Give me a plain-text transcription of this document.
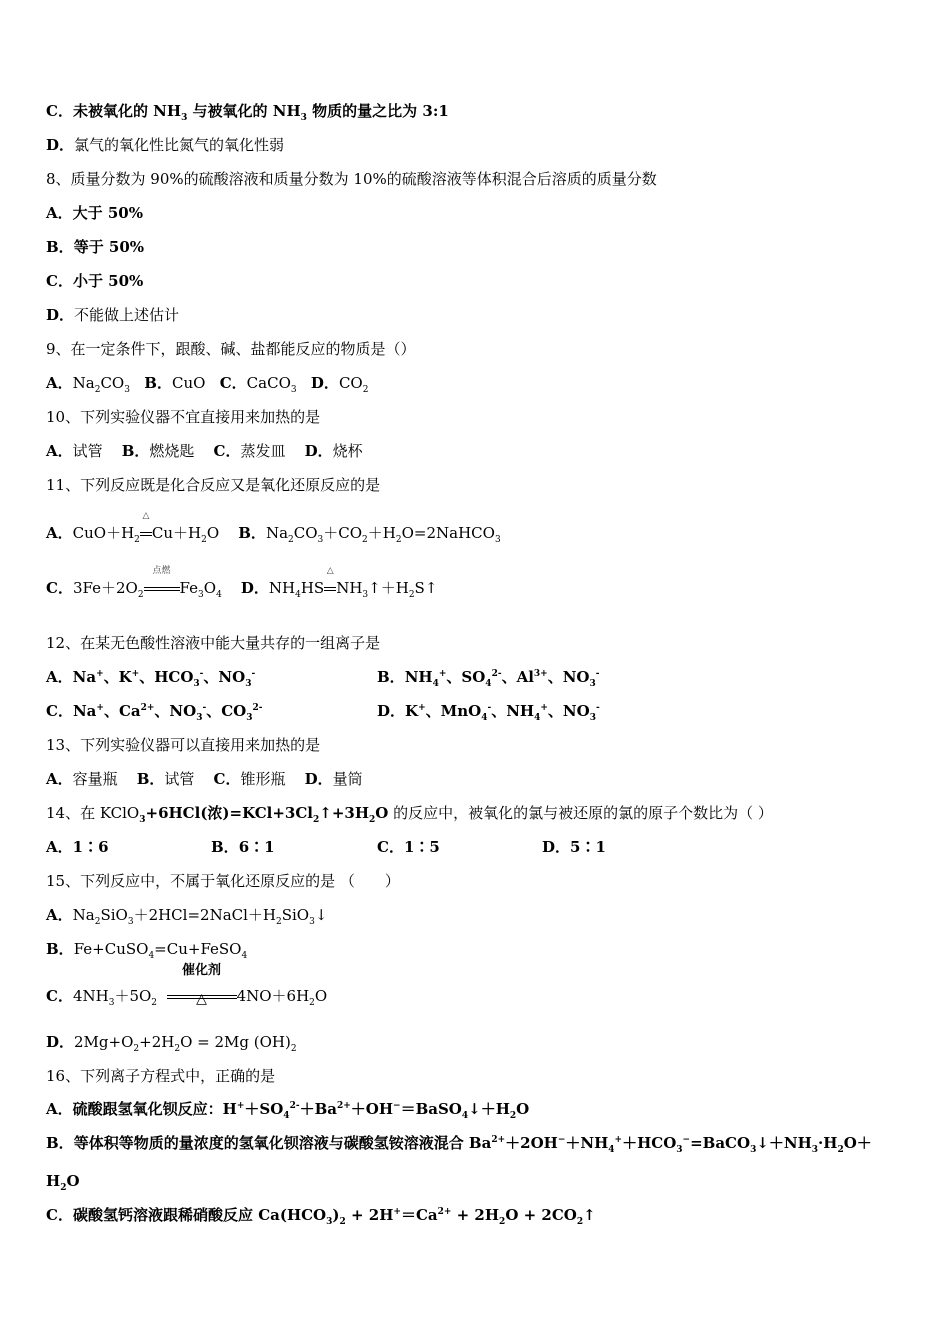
C．未被氧化的 $NH_3$ 与被氧化的 $NH_3$ 物质的量之比为 3:1
D．氯气的氧化性比氮气的氧化性弱
8、质量分数为 90%的硫酸溶液和质量分数为 10%的硫酸溶液等体积混合后溶质的质量分数
A．大于 50%
B．等于 50%
C．小于 50%
D．不能做上述估计
9、在一定条件下，跟酸、碱、盐都能反应的物质是（）
A．$Na_2CO_3$ B．CuO   C．CaCO$_3$ D．$CO_2$
10、下列实验仪器不宜直接用来加热的是
A．试管 B．燃烧匙 C．蒸发皿 D．烧杯
11、下列反应既是化合反应又是氧化还原反应的是
A．$CuO+H_2$
△
$Cu+H_2O$    B．$Na_2CO_3+CO_2+H_2O=2NaHCO_3$
C．$3Fe+2O_2$
点燃
$Fe_3O_4$ D．$NH_4HS$
△
$NH_3↑+H_2S↑$
12、在某无色酸性溶液中能大量共存的一组离子是
A．Na+、K+、$HCO_3^-$、$NO_3^-$	B．$NH_4^+$、$SO_4^{2-}$、$Al^{3+}$、$NO_3^-$
C．Na+、$Ca^{2+}$、$NO_3^-$、$CO_3^{2-}$	D．K+、MnO$_4$-、$NH_4^+$、$NO_3^-$
13、下列实验仪器可以直接用来加热的是
A．容量瓶 B．试管 C．锥形瓶 D．量筒
14、在 KClO$_3$+6HCl(浓)$=KCl+3Cl_2↑+3H_2O$ 的反应中，被氧化的氯与被还原的氯的原子个数比为（ ）
A．1∶6	B．6∶1	C．1∶5	D．5∶1
15、下列反应中，不属于氧化还原反应的是 （　　）
A．$Na_2SiO_3+2HCl=2NaCl+H_2SiO_3↓$
B．Fe+CuSO$_4$=Cu+FeSO$_4$
C．$4NH_3+5O_2$
催化剂
△	$4NO+6H_2O$
D．$2Mg+O_2+2H_2O = 2Mg$ $(OH)_2$
16、下列离子方程式中，正确的是
A．硫酸跟氢氧化钡反应：$H^++SO_4^{2-}+Ba^{2+}+OH^-=BaSO_4↓+H_2O$
B．等体积等物质的量浓度的氢氧化钡溶液与碳酸氢铵溶液混合 $Ba^{2+}+2OH^-+NH_4^++HCO_3^-=BaCO_3↓+NH_3\cdot H_2O+$
$H_2O$
C．碳酸氢钙溶液跟稀硝酸反应 $Ca(HCO_3)_2 + 2H^+=Ca^{2+} + 2H_2O$ + $2CO_2↑$
